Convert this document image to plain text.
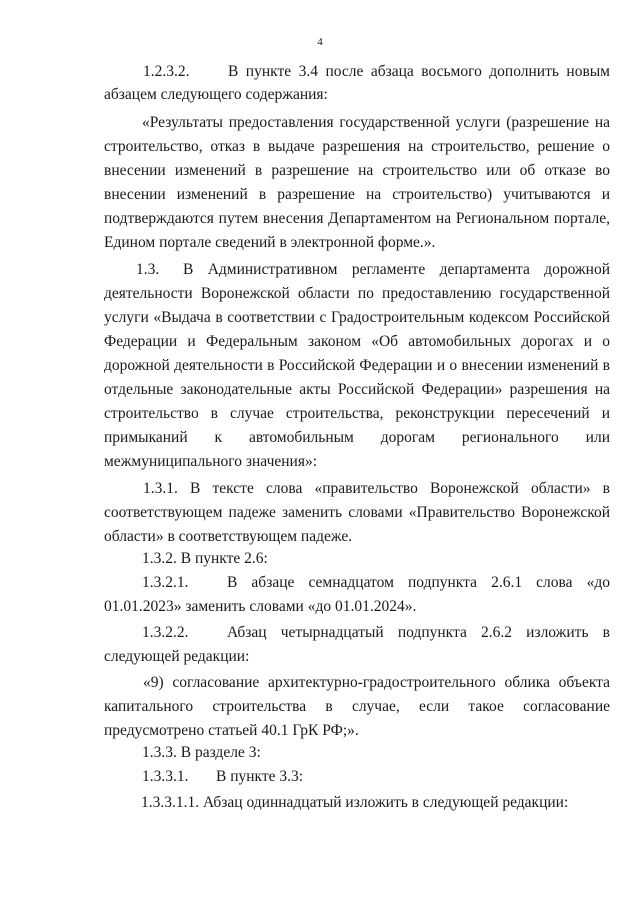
4
1.2.3.2. В пункте 3.4 после абзаца восьмого дополнить новым
абзацем следующего содержания:
«Результаты предоставления государственной услуги (разрешение на
строительство, отказ в выдаче разрешения на строительство, решение о
внесении изменений в разрешение на строительство или об отказе во
внесении изменений в разрешение на строительство) учитываются и
подтверждаются путем внесения Департаментом на Региональном портале,
Едином портале сведений в электронной форме.».
1.3. В Административном регламенте департамента дорожной
деятельности Воронежской области по предоставлению государственной
услуги «Выдача в соответствии с Градостроительным кодексом Российской
Федерации и Федеральным законом «Об автомобильных дорогах и о
дорожной деятельности в Российской Федерации и о внесении изменений в
отдельные законодательные акты Российской Федерации» разрешения на
строительство в случае строительства, реконструкции пересечений и
примыканий к автомобильным дорогам регионального или
межмуниципального значения»:
1.3.1. В тексте слова «правительство Воронежской области» в
соответствующем падеже заменить словами «Правительство Воронежской
области» в соответствующем падеже.
1.3.2. В пункте 2.6:
1.3.2.1. В абзаце семнадцатом подпункта 2.6.1 слова «до
01.01.2023» заменить словами «до 01.01.2024».
1.3.2.2. Абзац четырнадцатый подпункта 2.6.2 изложить в
следующей редакции:
«9) согласование архитектурно-градостроительного облика объекта
капитального строительства в случае, если такое согласование
предусмотрено статьей 40.1 ГрК РФ;».
1.3.3. В разделе 3:
1.3.3.1. В пункте 3.3:
1.3.3.1.1. Абзац одиннадцатый изложить в следующей редакции:
